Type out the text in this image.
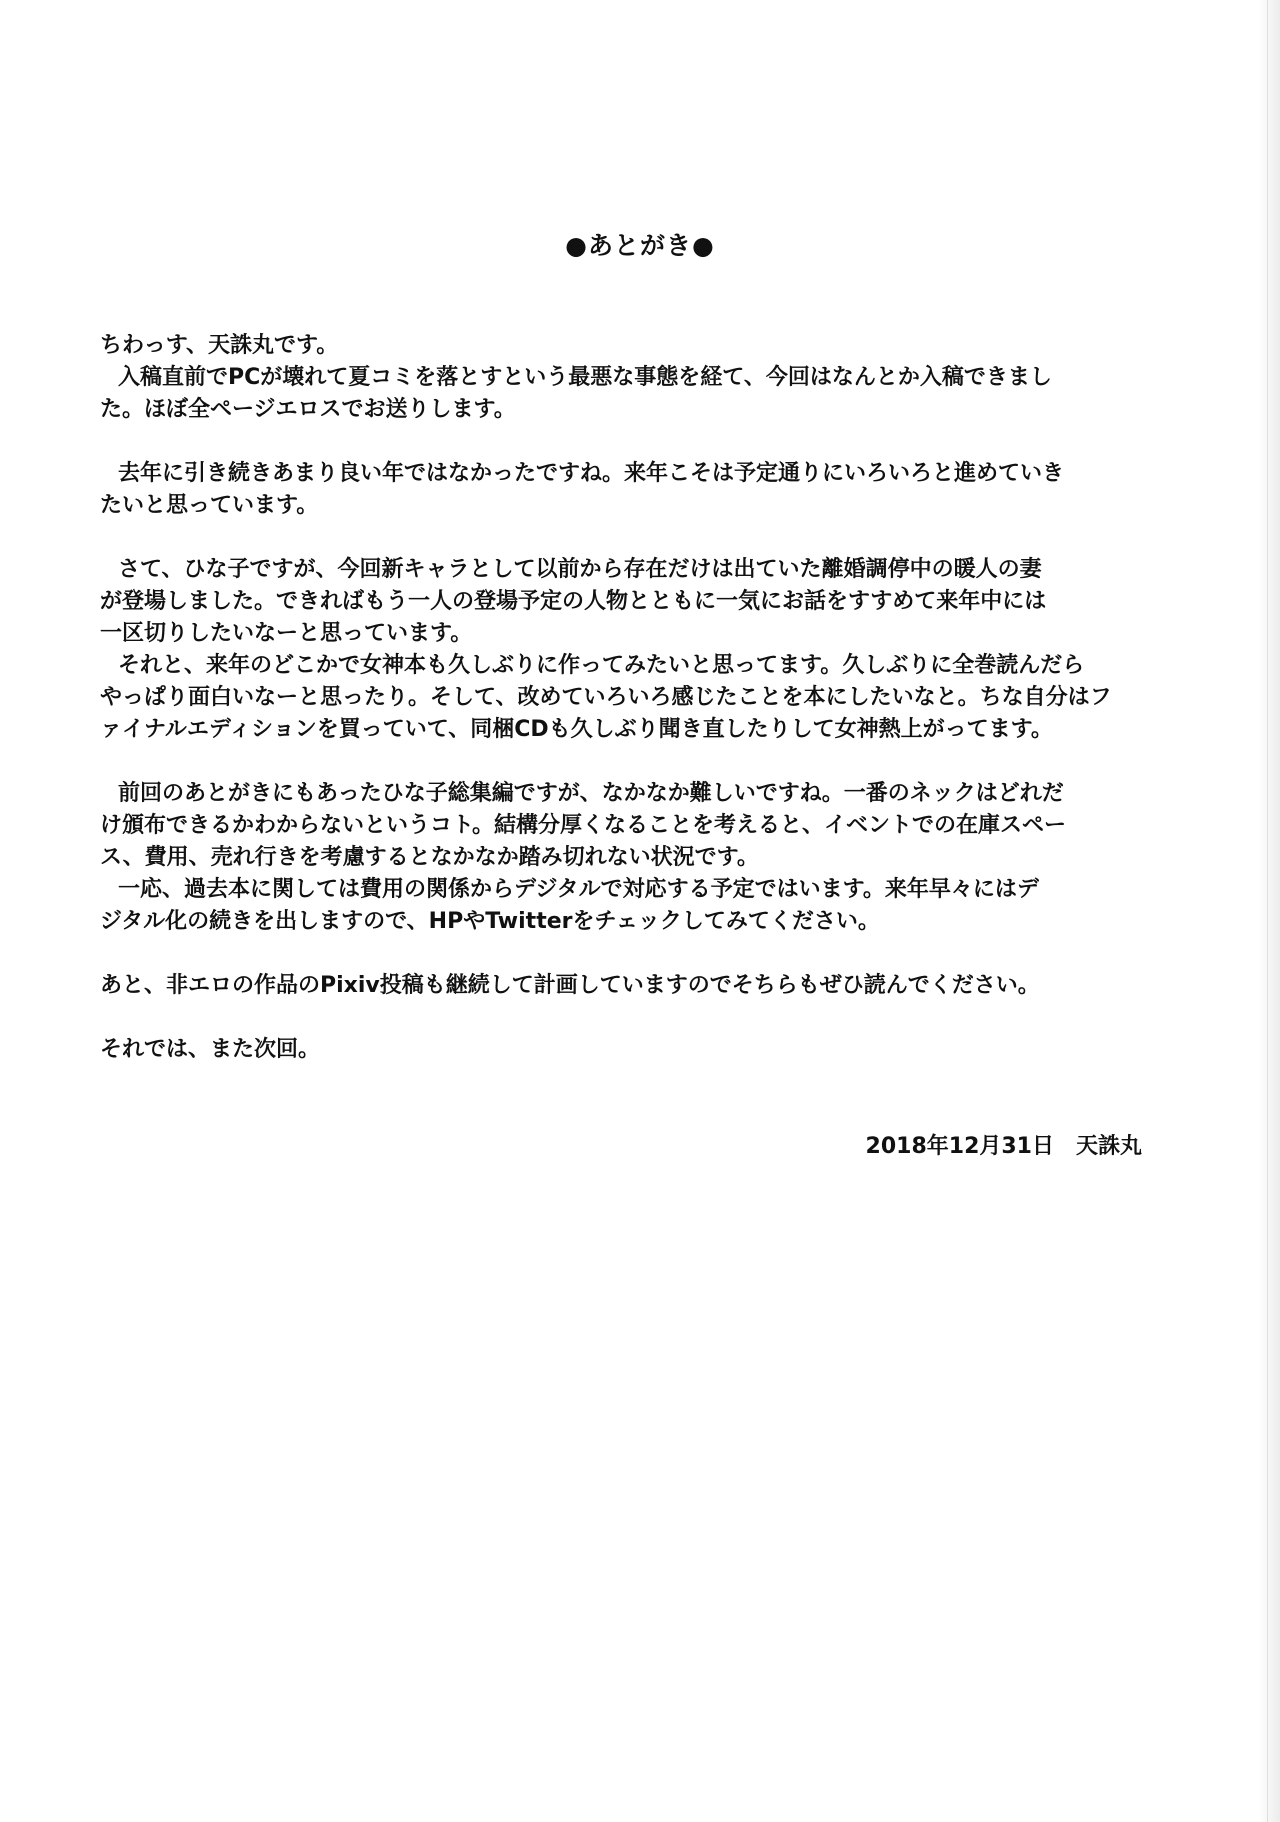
●あとがき●
ちわっす、天誅丸です。
入稿直前でPCが壊れて夏コミを落とすという最悪な事態を経て、今回はなんとか入稿できまし
た。ほぼ全ページエロスでお送りします。
去年に引き続きあまり良い年ではなかったですね。来年こそは予定通りにいろいろと進めていき
たいと思っています。
さて、ひな子ですが、今回新キャラとして以前から存在だけは出ていた離婚調停中の暖人の妻
が登場しました。できればもう一人の登場予定の人物とともに一気にお話をすすめて来年中には
一区切りしたいなーと思っています。
それと、来年のどこかで女神本も久しぶりに作ってみたいと思ってます。久しぶりに全巻読んだら
やっぱり面白いなーと思ったり。そして、改めていろいろ感じたことを本にしたいなと。ちな自分はフ
ァイナルエディションを買っていて、同梱CDも久しぶり聞き直したりして女神熱上がってます。
前回のあとがきにもあったひな子総集編ですが、なかなか難しいですね。一番のネックはどれだ
け頒布できるかわからないというコト。結構分厚くなることを考えると、イベントでの在庫スペー
ス、費用、売れ行きを考慮するとなかなか踏み切れない状況です。
一応、過去本に関しては費用の関係からデジタルで対応する予定ではいます。来年早々にはデ
ジタル化の続きを出しますので、HPやTwitterをチェックしてみてください。
あと、非エロの作品のPixiv投稿も継続して計画していますのでそちらもぜひ読んでください。
それでは、また次回。
2018年12月31日　天誅丸
